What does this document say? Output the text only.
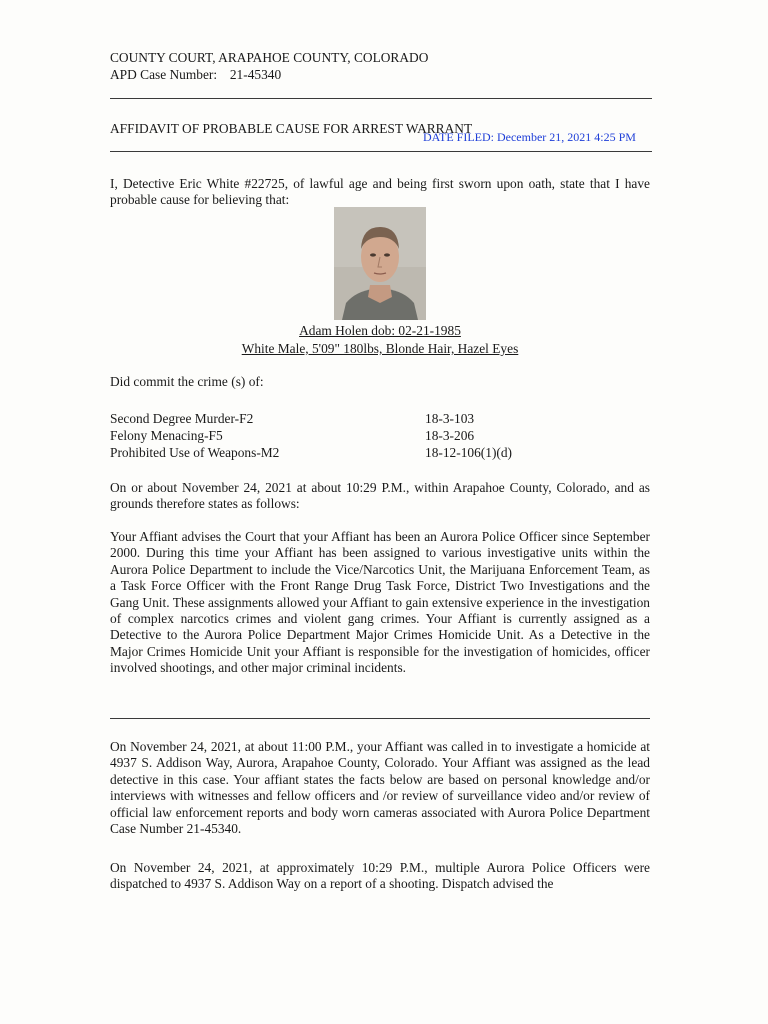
COUNTY COURT, ARAPAHOE COUNTY, COLORADO
APD Case Number: 21-45340
AFFIDAVIT OF PROBABLE CAUSE FOR ARREST WARRANT
DATE FILED: December 21, 2021 4:25 PM
I, Detective Eric White #22725, of lawful age and being first sworn upon oath, state that I have probable cause for believing that:
Adam Holen dob: 02-21-1985
White Male, 5'09" 180lbs, Blonde Hair, Hazel Eyes
Did commit the crime (s) of:
Second Degree Murder-F2	18-3-103
Felony Menacing-F5	18-3-206
Prohibited Use of Weapons-M2	18-12-106(1)(d)
On or about November 24, 2021 at about 10:29 P.M., within Arapahoe County, Colorado, and as grounds therefore states as follows:
Your Affiant advises the Court that your Affiant has been an Aurora Police Officer since September 2000. During this time your Affiant has been assigned to various investigative units within the Aurora Police Department to include the Vice/Narcotics Unit, the Marijuana Enforcement Team, as a Task Force Officer with the Front Range Drug Task Force, District Two Investigations and the Gang Unit. These assignments allowed your Affiant to gain extensive experience in the investigation of complex narcotics crimes and violent gang crimes. Your Affiant is currently assigned as a Detective to the Aurora Police Department Major Crimes Homicide Unit. As a Detective in the Major Crimes Homicide Unit your Affiant is responsible for the investigation of homicides, officer involved shootings, and other major criminal incidents.
On November 24, 2021, at about 11:00 P.M., your Affiant was called in to investigate a homicide at 4937 S. Addison Way, Aurora, Arapahoe County, Colorado. Your Affiant was assigned as the lead detective in this case. Your affiant states the facts below are based on personal knowledge and/or interviews with witnesses and fellow officers and /or review of surveillance video and/or review of official law enforcement reports and body worn cameras associated with Aurora Police Department Case Number 21-45340.
On November 24, 2021, at approximately 10:29 P.M., multiple Aurora Police Officers were dispatched to 4937 S. Addison Way on a report of a shooting. Dispatch advised the
